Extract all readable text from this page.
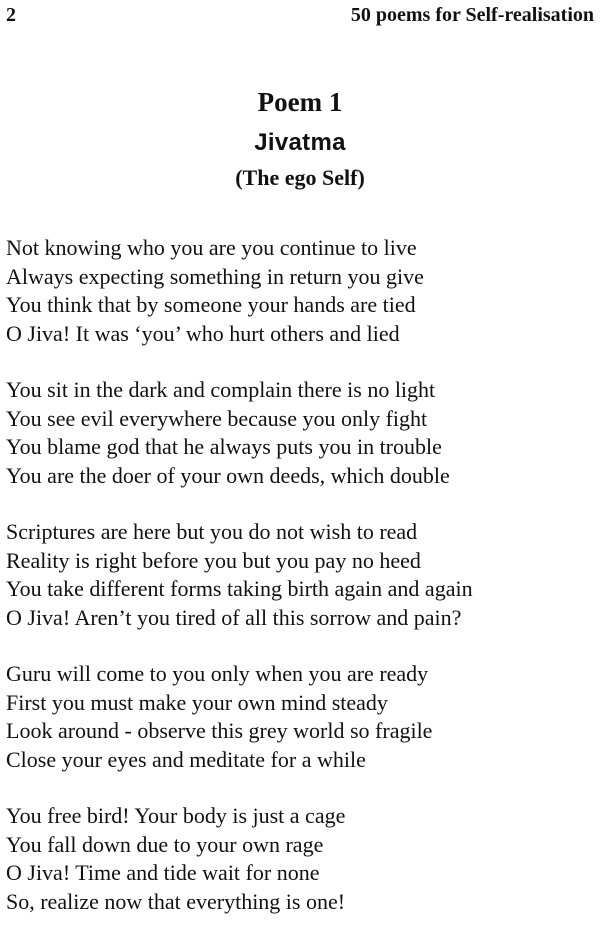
2	50 poems for Self-realisation
Poem 1
Jivatma
(The ego Self)
Not knowing who you are you continue to live
Always expecting something in return you give
You think that by someone your hands are tied
O Jiva! It was ‘you’ who hurt others and lied
You sit in the dark and complain there is no light
You see evil everywhere because you only fight
You blame god that he always puts you in trouble
You are the doer of your own deeds, which double
Scriptures are here but you do not wish to read
Reality is right before you but you pay no heed
You take different forms taking birth again and again
O Jiva! Aren’t you tired of all this sorrow and pain?
Guru will come to you only when you are ready
First you must make your own mind steady
Look around - observe this grey world so fragile
Close your eyes and meditate for a while
You free bird! Your body is just a cage
You fall down due to your own rage
O Jiva! Time and tide wait for none
So, realize now that everything is one!
